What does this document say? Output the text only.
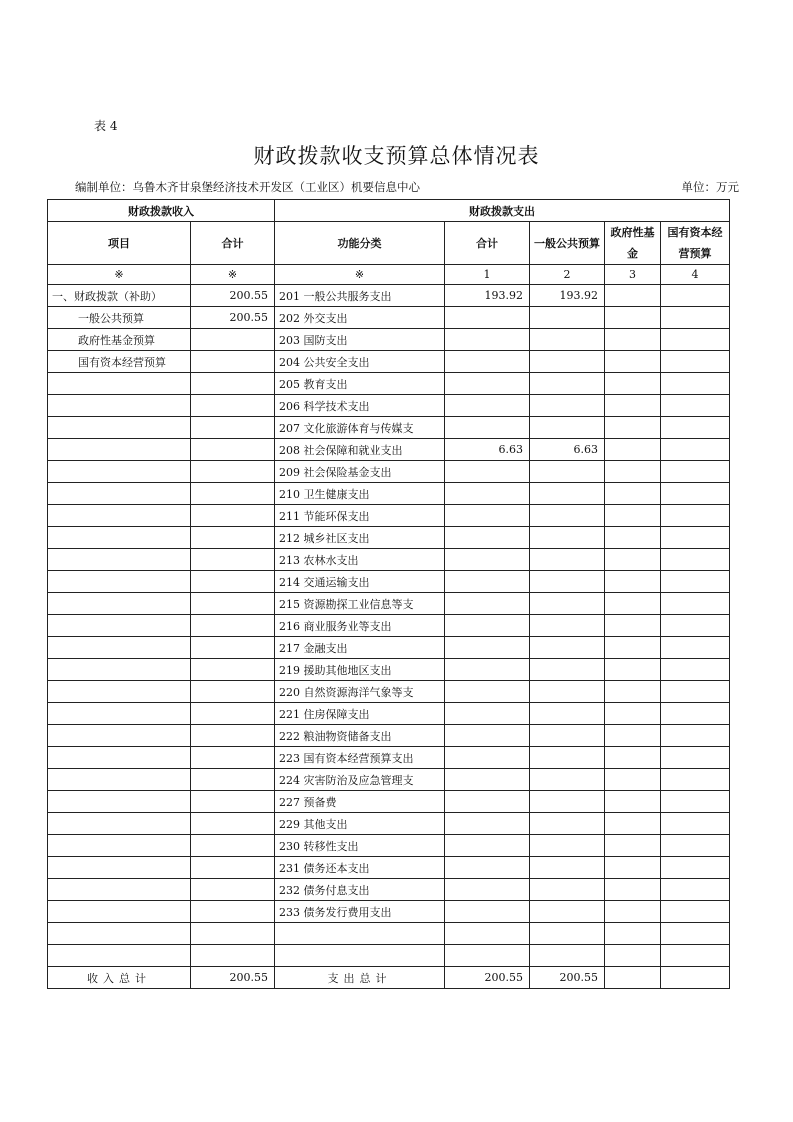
表 4
财政拨款收支预算总体情况表
编制单位：乌鲁木齐甘泉堡经济技术开发区（工业区）机要信息中心	单位：万元
财政拨款收入		财政拨款支出				
项目	合计	功能分类	合计	一般公共预算	政府性基金	国有资本经营预算
※	※	※	1	2	3	4
一、财政拨款（补助）	200.55	201 一般公共服务支出	193.92	193.92		
一般公共预算	200.55	202 外交支出				
政府性基金预算		203 国防支出				
国有资本经营预算		204 公共安全支出				
		205 教育支出				
		206 科学技术支出				
		207 文化旅游体育与传媒支				
		208 社会保障和就业支出	6.63	6.63		
		209 社会保险基金支出				
		210 卫生健康支出				
		211 节能环保支出				
		212 城乡社区支出				
		213 农林水支出				
		214 交通运输支出				
		215 资源勘探工业信息等支				
		216 商业服务业等支出				
		217 金融支出				
		219 援助其他地区支出				
		220 自然资源海洋气象等支				
		221 住房保障支出				
		222 粮油物资储备支出				
		223 国有资本经营预算支出				
		224 灾害防治及应急管理支				
		227 预备费				
		229 其他支出				
		230 转移性支出				
		231 债务还本支出				
		232 债务付息支出				
		233 债务发行费用支出				

收入总计	200.55	支出总计	200.55	200.55		
